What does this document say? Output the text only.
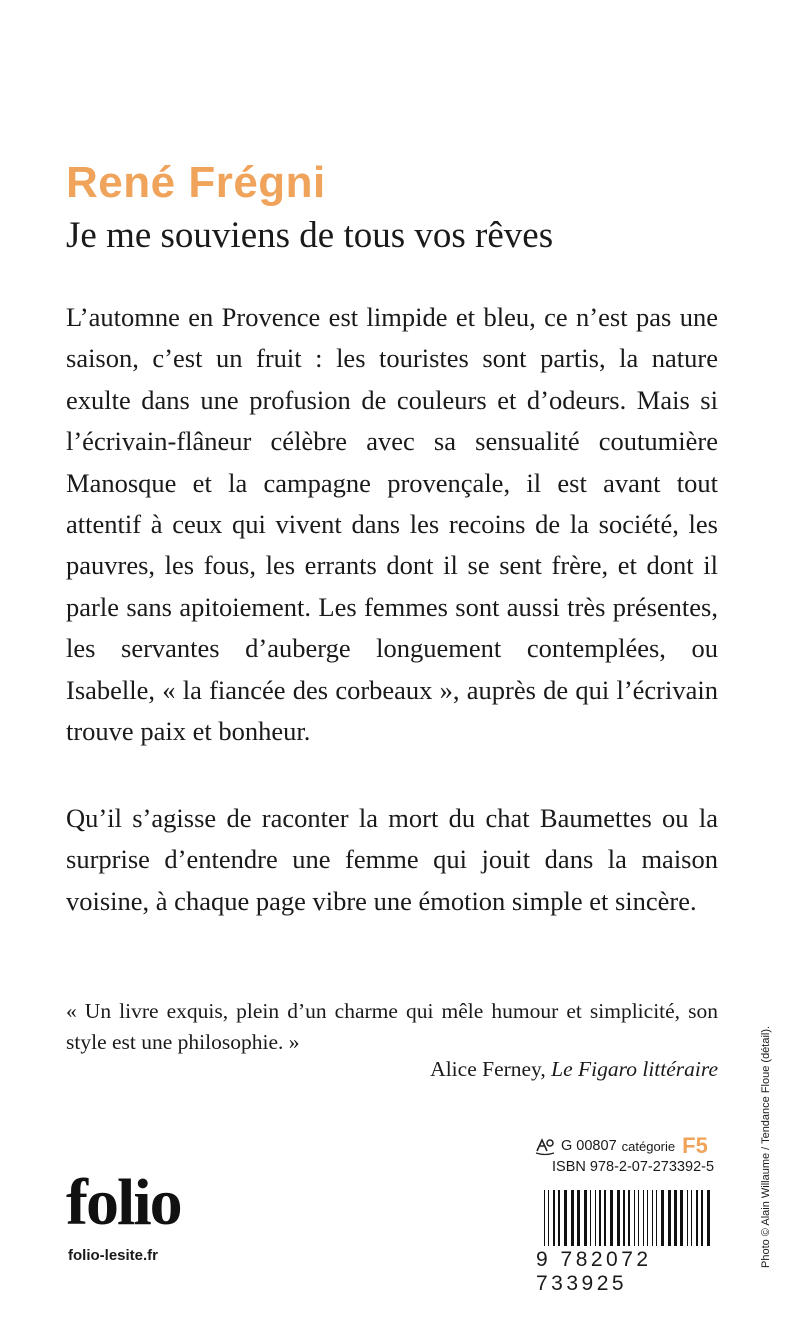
René Frégni
Je me souviens de tous vos rêves

L’automne en Provence est limpide et bleu, ce n’est pas une saison, c’est un fruit : les touristes sont partis, la nature exulte dans une profusion de couleurs et d’odeurs. Mais si l’écrivain-flâneur célèbre avec sa sensualité coutumière Manosque et la campagne provençale, il est avant tout attentif à ceux qui vivent dans les recoins de la société, les pauvres, les fous, les errants dont il se sent frère, et dont il parle sans apitoiement. Les femmes sont aussi très présentes, les servantes d’auberge longuement contemplées, ou Isabelle, « la fiancée des corbeaux », auprès de qui l’écrivain trouve paix et bonheur.

Qu’il s’agisse de raconter la mort du chat Baumettes ou la surprise d’entendre une femme qui jouit dans la maison voisine, à chaque page vibre une émotion simple et sincère.

« Un livre exquis, plein d’un charme qui mêle humour et simplicité, son style est une philosophie. »

Alice Ferney, Le Figaro littéraire

folio
folio-lesite.fr
G 00807 catégorie F5
ISBN 978-2-07-273392-5
9 782072 733925
Photo © Alain Willaume / Tendance Floue (détail).
